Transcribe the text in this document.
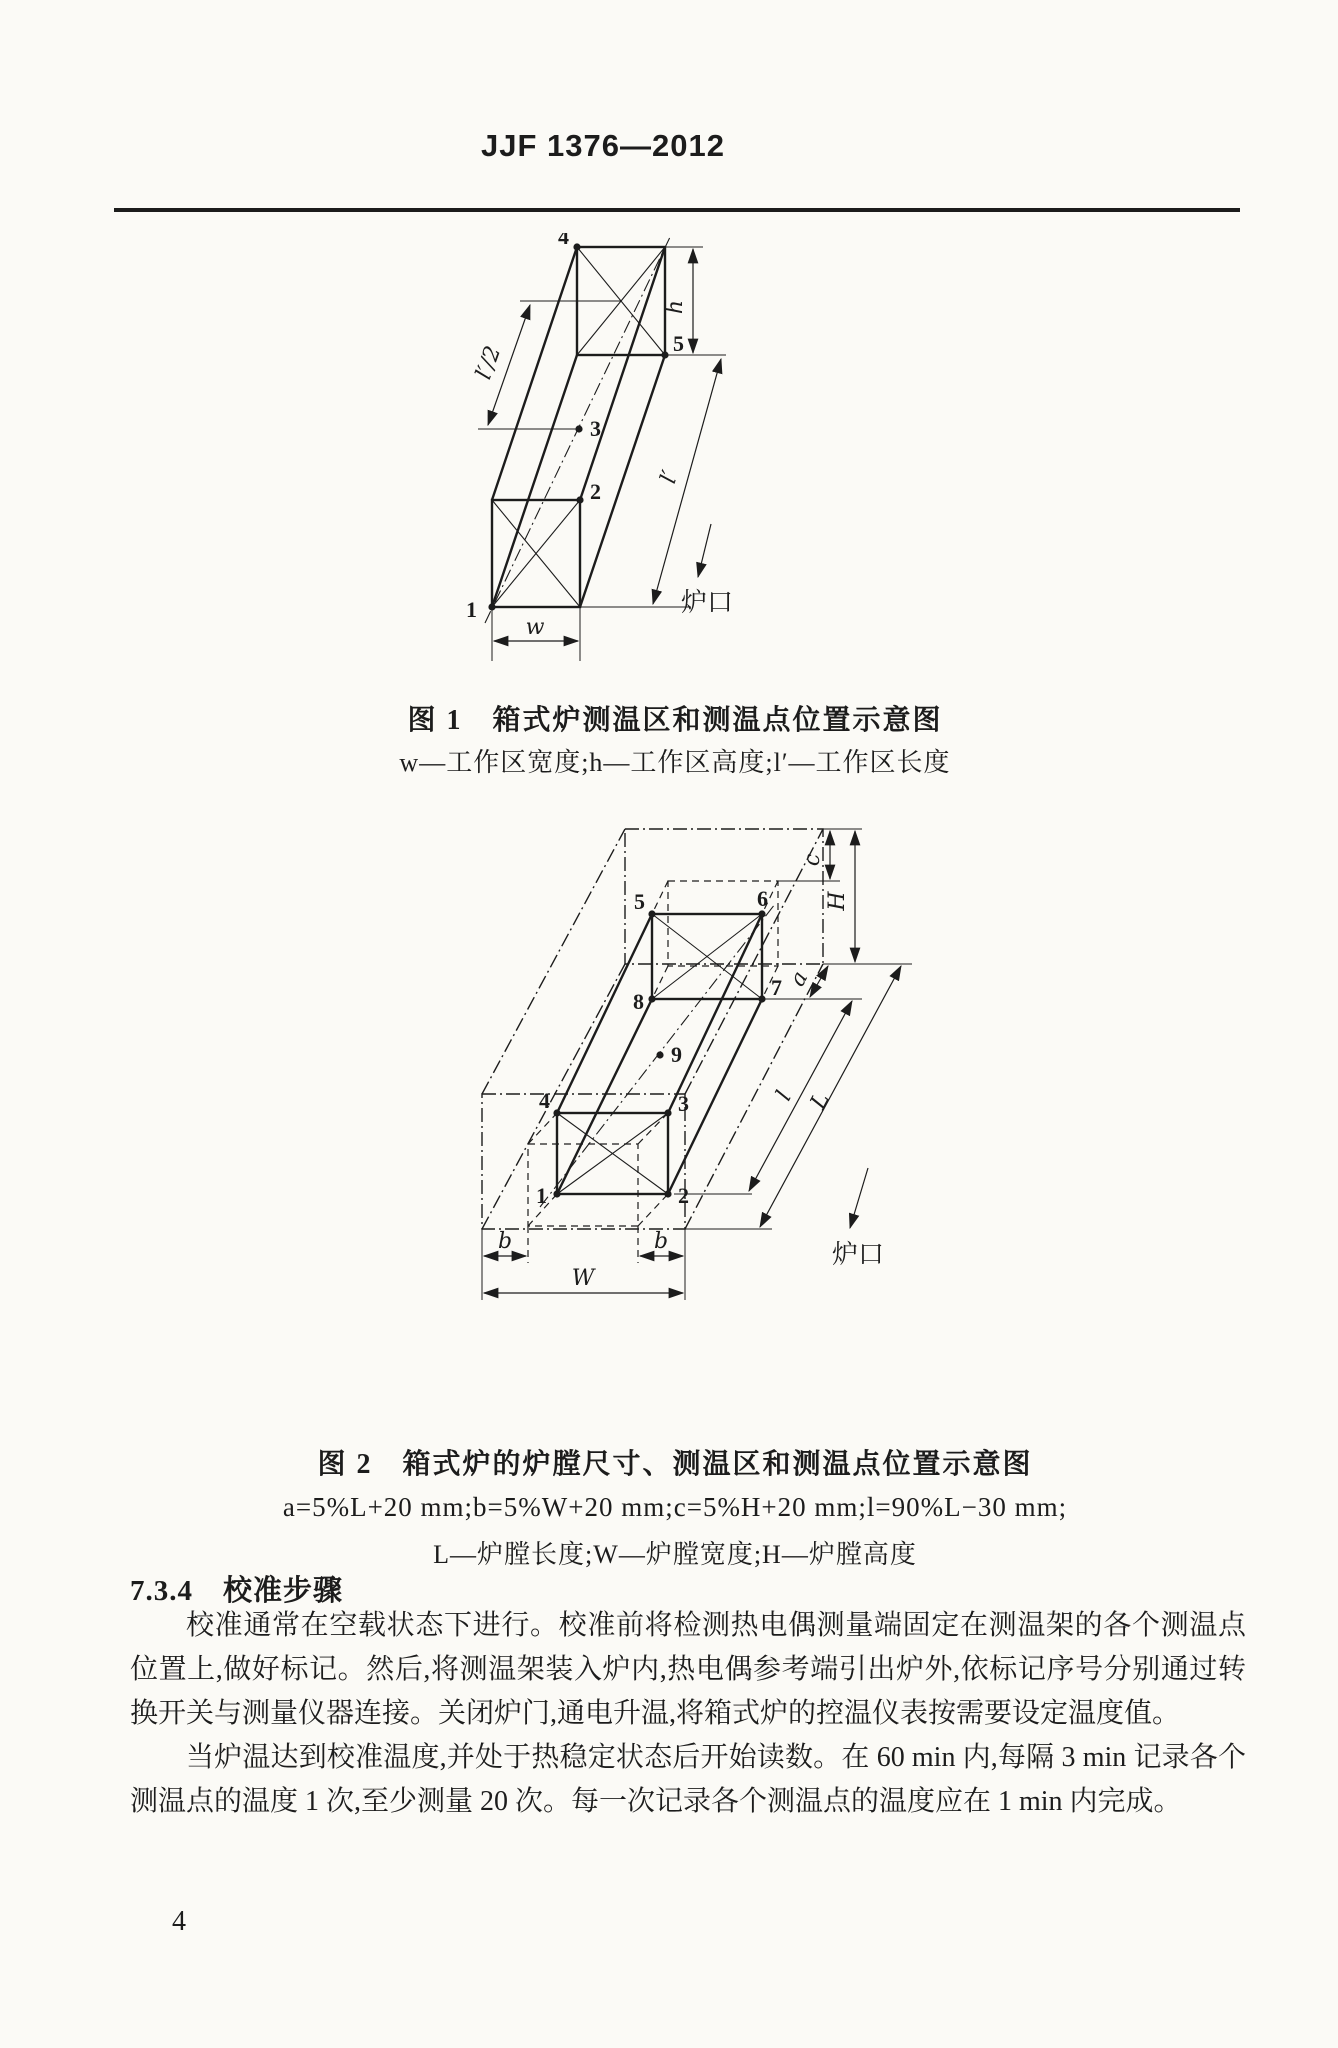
JJF 1376—2012
1
2
3
4
5
l′/2
h
l′
w
炉口
图 1　箱式炉测温区和测温点位置示意图
w—工作区宽度;h—工作区高度;l′—工作区长度
1	2
3
4
5	6
7
8
9
c
H
a
l L
b	b
W
炉口
图 2　箱式炉的炉膛尺寸、测温区和测温点位置示意图
a=5%L+20 mm;b=5%W+20 mm;c=5%H+20 mm;l=90%L−30 mm;
L—炉膛长度;W—炉膛宽度;H—炉膛高度
7.3.4　校准步骤

校准通常在空载状态下进行。校准前将检测热电偶测量端固定在测温架的各个测温点位置上,做好标记。然后,将测温架装入炉内,热电偶参考端引出炉外,依标记序号分别通过转换开关与测量仪器连接。关闭炉门,通电升温,将箱式炉的控温仪表按需要设定温度值。

当炉温达到校准温度,并处于热稳定状态后开始读数。在 60 min 内,每隔 3 min 记录各个测温点的温度 1 次,至少测量 20 次。每一次记录各个测温点的温度应在 1 min 内完成。

4
